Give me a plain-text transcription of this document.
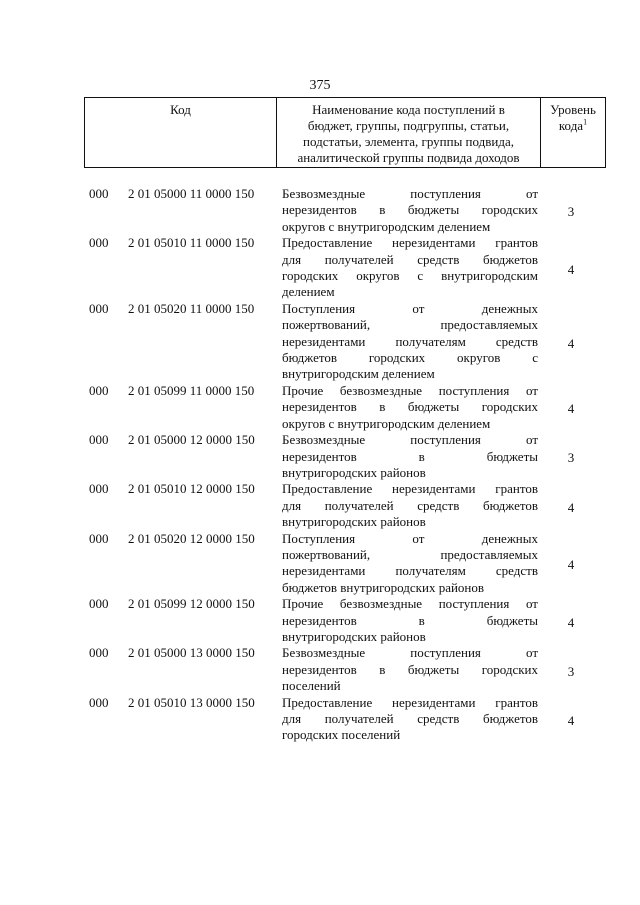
375
Код	Наименование кода поступлений в
бюджет, группы, подгруппы, статьи,
подстатьи, элемента, группы подвида,
аналитической группы подвида доходов
Уровень
кода$^1$
000 2 01 05000 11 0000 150 Безвозмездные поступления от
нерезидентов в бюджеты городских
округов с внутригородским делением
3
000 2 01 05010 11 0000 150 Предоставление нерезидентами грантов
для получателей средств бюджетов
городских округов с внутригородским
делением
4
000 2 01 05020 11 0000 150 Поступления от денежных
пожертвований, предоставляемых
нерезидентами получателям средств
бюджетов городских округов с
внутригородским делением
4
000 2 01 05099 11 0000 150 Прочие безвозмездные поступления от
нерезидентов в бюджеты городских
округов с внутригородским делением
4
000 2 01 05000 12 0000 150 Безвозмездные поступления от
нерезидентов в бюджеты
внутригородских районов
3
000 2 01 05010 12 0000 150 Предоставление нерезидентами грантов
для получателей средств бюджетов
внутригородских районов
4
000 2 01 05020 12 0000 150 Поступления от денежных
пожертвований, предоставляемых
нерезидентами получателям средств
бюджетов внутригородских районов
4
000 2 01 05099 12 0000 150 Прочие безвозмездные поступления от
нерезидентов в бюджеты
внутригородских районов
4
000 2 01 05000 13 0000 150 Безвозмездные поступления от
нерезидентов в бюджеты городских
поселений
3
000 2 01 05010 13 0000 150 Предоставление нерезидентами грантов
для получателей средств бюджетов
городских поселений
4
